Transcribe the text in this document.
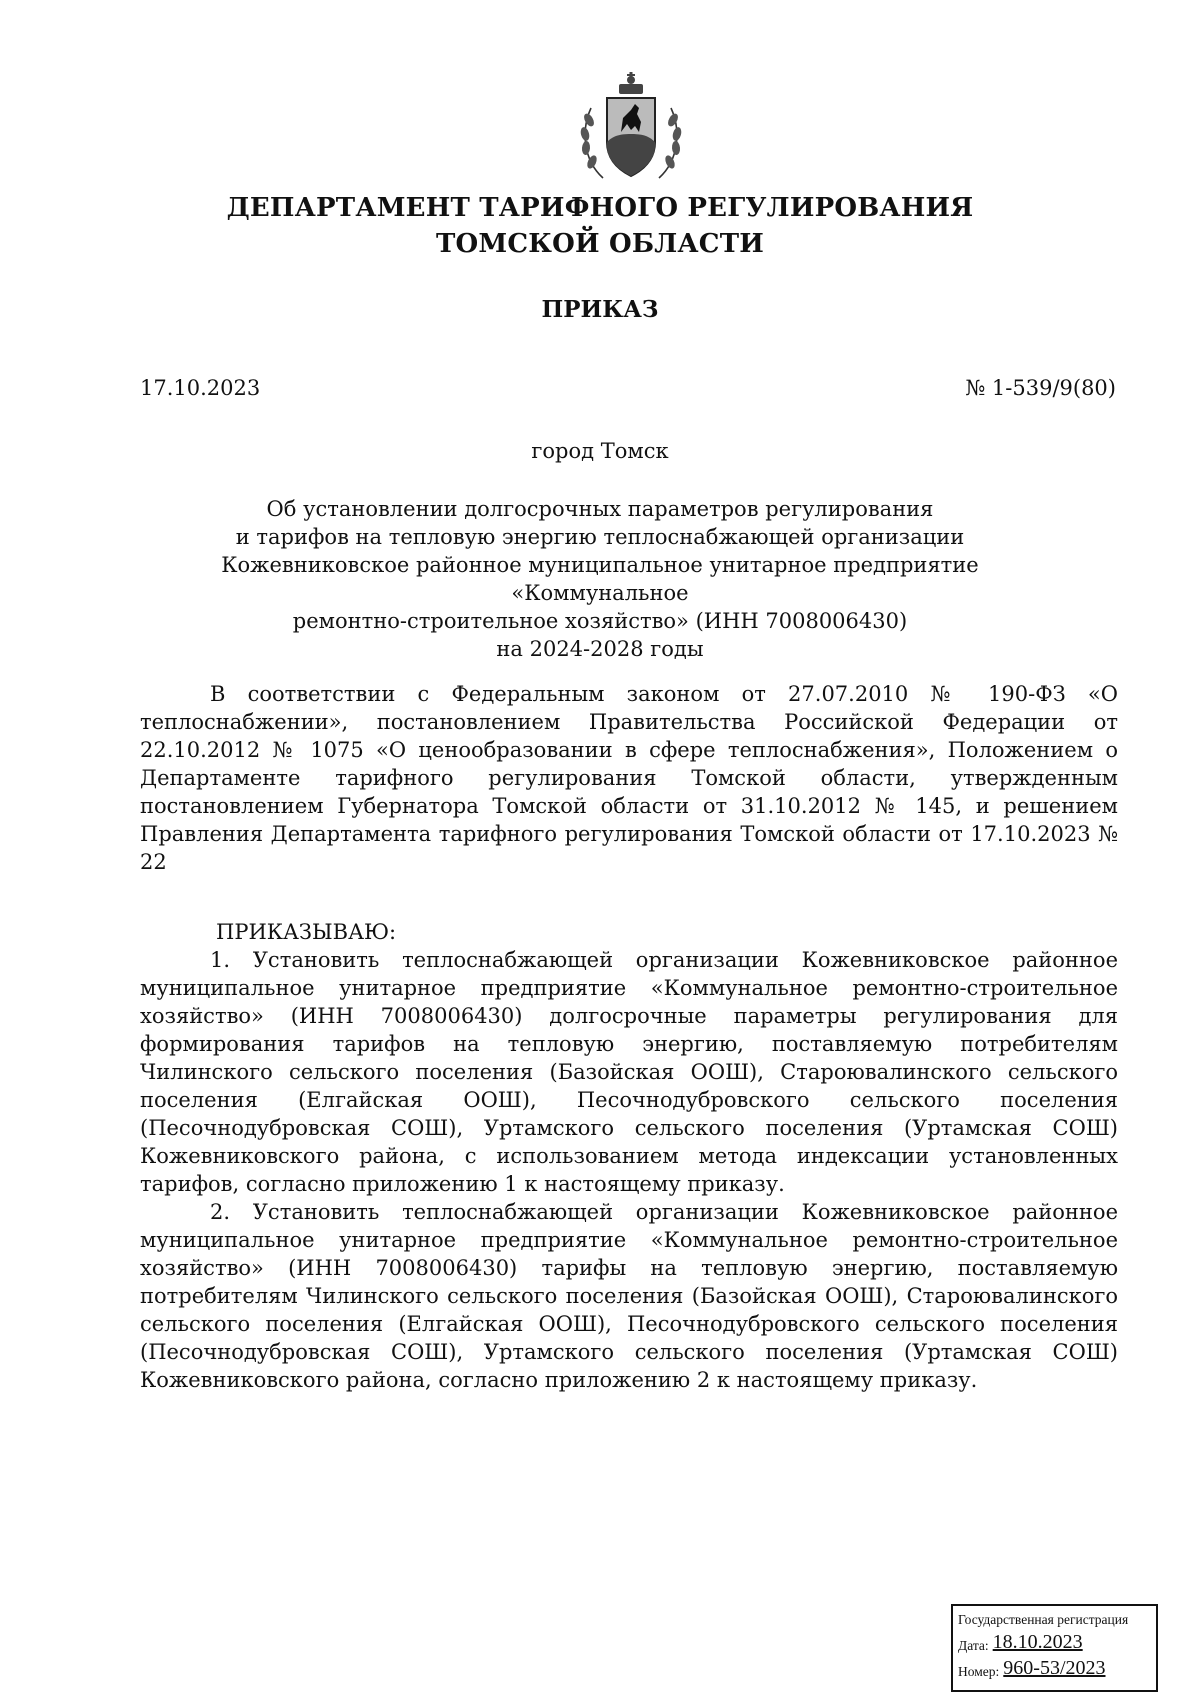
ДЕПАРТАМЕНТ ТАРИФНОГО РЕГУЛИРОВАНИЯ
ТОМСКОЙ ОБЛАСТИ
ПРИКАЗ
17.10.2023	№ 1-539/9(80)
город Томск
Об установлении долгосрочных параметров регулирования
и тарифов на тепловую энергию теплоснабжающей организации
Кожевниковское районное муниципальное унитарное предприятие «Коммунальное
ремонтно-строительное хозяйство» (ИНН 7008006430)
на 2024-2028 годы

В соответствии с Федеральным законом от 27.07.2010 № 190-ФЗ «О теплоснабжении», постановлением Правительства Российской Федерации от 22.10.2012 № 1075 «О ценообразовании в сфере теплоснабжения», Положением о Департаменте тарифного регулирования Томской области, утвержденным постановлением Губернатора Томской области от 31.10.2012 № 145, и решением Правления Департамента тарифного регулирования Томской области от 17.10.2023 № 22

ПРИКАЗЫВАЮ:

1. Установить теплоснабжающей организации Кожевниковское районное муниципальное унитарное предприятие «Коммунальное ремонтно-строительное хозяйство» (ИНН 7008006430) долгосрочные параметры регулирования для формирования тарифов на тепловую энергию, поставляемую потребителям Чилинского сельского поселения (Базойская ООШ), Староювалинского сельского поселения (Елгайская ООШ), Песочнодубровского сельского поселения (Песочнодубровская СОШ), Уртамского сельского поселения (Уртамская СОШ) Кожевниковского района, с использованием метода индексации установленных тарифов, согласно приложению 1 к настоящему приказу.

2. Установить теплоснабжающей организации Кожевниковское районное муниципальное унитарное предприятие «Коммунальное ремонтно-строительное хозяйство» (ИНН 7008006430) тарифы на тепловую энергию, поставляемую потребителям Чилинского сельского поселения (Базойская ООШ), Староювалинского сельского поселения (Елгайская ООШ), Песочнодубровского сельского поселения (Песочнодубровская СОШ), Уртамского сельского поселения (Уртамская СОШ) Кожевниковского района, согласно приложению 2 к настоящему приказу.

Государственная регистрация
Дата: 18.10.2023
Номер: 960-53/2023
